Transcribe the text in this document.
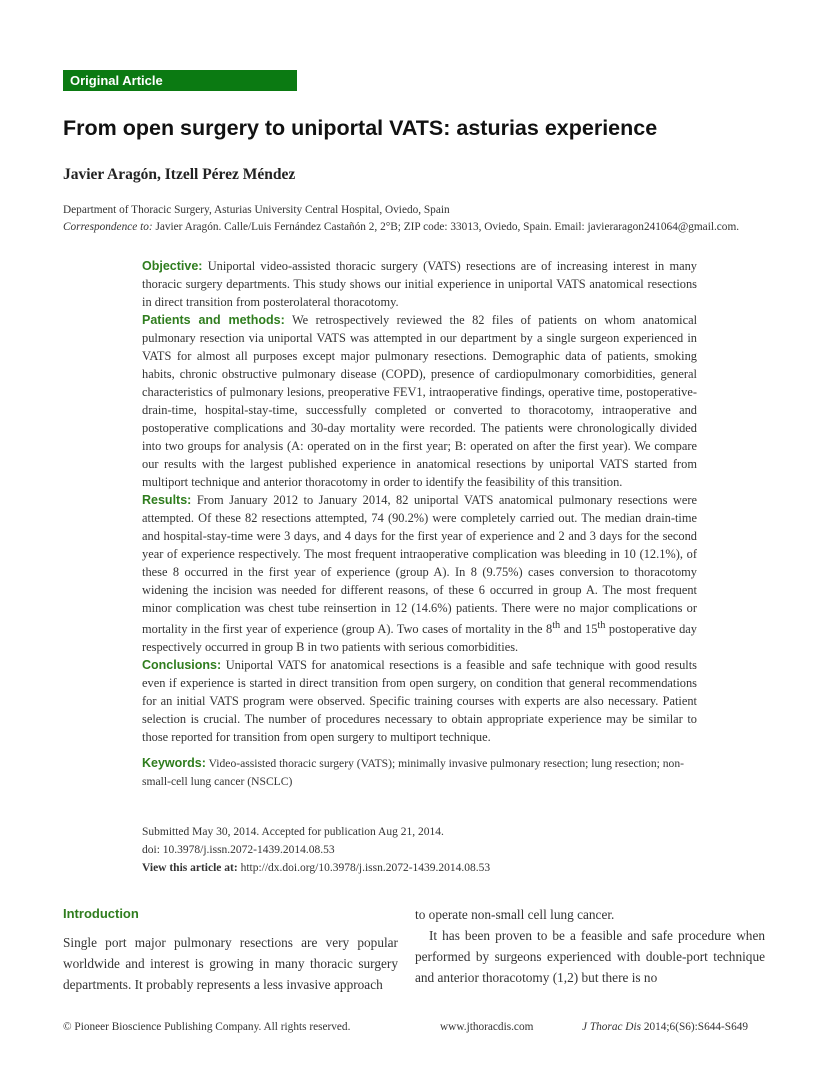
Original Article
From open surgery to uniportal VATS: asturias experience
Javier Aragón, Itzell Pérez Méndez
Department of Thoracic Surgery, Asturias University Central Hospital, Oviedo, Spain
Correspondence to: Javier Aragón. Calle/Luis Fernández Castañón 2, 2°B; ZIP code: 33013, Oviedo, Spain. Email: javieraragon241064@gmail.com.

Objective: Uniportal video-assisted thoracic surgery (VATS) resections are of increasing interest in many thoracic surgery departments. This study shows our initial experience in uniportal VATS anatomical resections in direct transition from posterolateral thoracotomy.

Patients and methods: We retrospectively reviewed the 82 files of patients on whom anatomical pulmonary resection via uniportal VATS was attempted in our department by a single surgeon experienced in VATS for almost all purposes except major pulmonary resections. Demographic data of patients, smoking habits, chronic obstructive pulmonary disease (COPD), presence of cardiopulmonary comorbidities, general characteristics of pulmonary lesions, preoperative FEV1, intraoperative findings, operative time, postoperative-drain-time, hospital-stay-time, successfully completed or converted to thoracotomy, intraoperative and postoperative complications and 30-day mortality were recorded. The patients were chronologically divided into two groups for analysis (A: operated on in the first year; B: operated on after the first year). We compare our results with the largest published experience in anatomical resections by uniportal VATS started from multiport technique and anterior thoracotomy in order to identify the feasibility of this transition.

Results: From January 2012 to January 2014, 82 uniportal VATS anatomical pulmonary resections were attempted. Of these 82 resections attempted, 74 (90.2%) were completely carried out. The median drain-time and hospital-stay-time were 3 days, and 4 days for the first year of experience and 2 and 3 days for the second year of experience respectively. The most frequent intraoperative complication was bleeding in 10 (12.1%), of these 8 occurred in the first year of experience (group A). In 8 (9.75%) cases conversion to thoracotomy widening the incision was needed for different reasons, of these 6 occurred in group A. The most frequent minor complication was chest tube reinsertion in 12 (14.6%) patients. There were no major complications or mortality in the first year of experience (group A). Two cases of mortality in the 8th and 15th postoperative day respectively occurred in group B in two patients with serious comorbidities.

Conclusions: Uniportal VATS for anatomical resections is a feasible and safe technique with good results even if experience is started in direct transition from open surgery, on condition that general recommendations for an initial VATS program were observed. Specific training courses with experts are also necessary. Patient selection is crucial. The number of procedures necessary to obtain appropriate experience may be similar to those reported for transition from open surgery to multiport technique.

Keywords: Video-assisted thoracic surgery (VATS); minimally invasive pulmonary resection; lung resection; non-small-cell lung cancer (NSCLC)

Submitted May 30, 2014. Accepted for publication Aug 21, 2014.
doi: 10.3978/j.issn.2072-1439.2014.08.53
View this article at: http://dx.doi.org/10.3978/j.issn.2072-1439.2014.08.53
Introduction

Single port major pulmonary resections are very popular worldwide and interest is growing in many thoracic surgery departments. It probably represents a less invasive approach

to operate non-small cell lung cancer.

It has been proven to be a feasible and safe procedure when performed by surgeons experienced with double-port technique and anterior thoracotomy (1,2) but there is no

© Pioneer Bioscience Publishing Company. All rights reserved.	www.jthoracdis.com	J Thorac Dis 2014;6(S6):S644-S649
